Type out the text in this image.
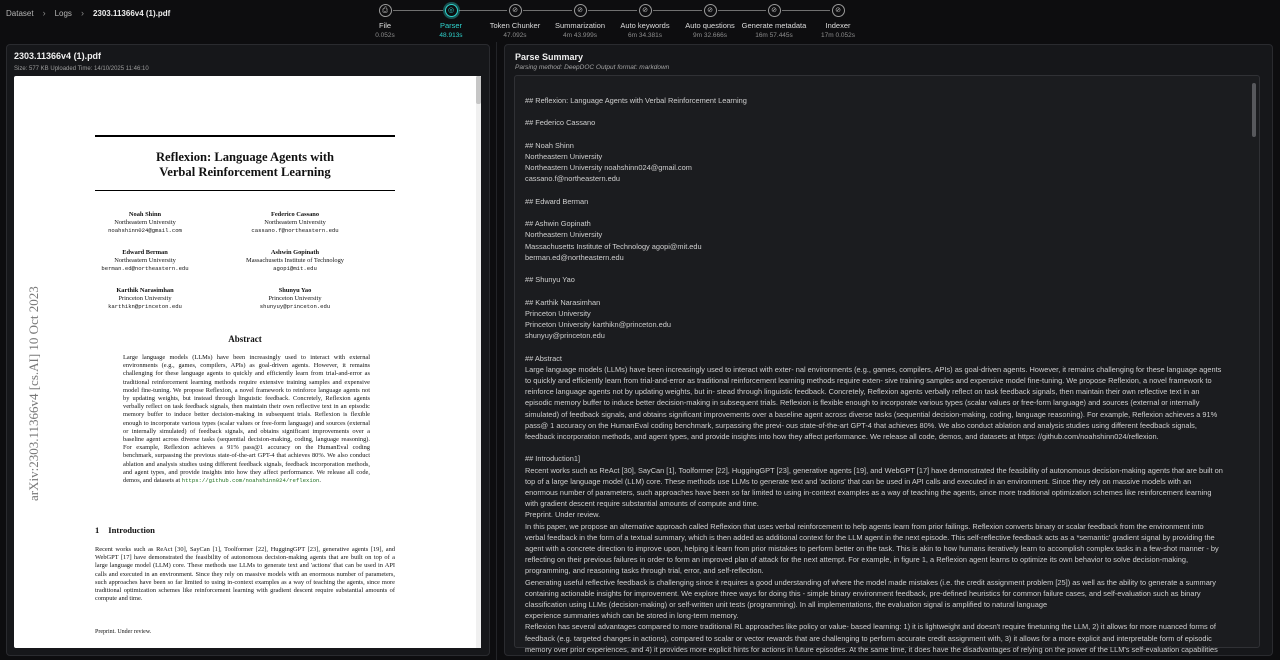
Dataset › Logs › 2303.11366v4 (1).pdf	⎙
File
0.052s
◎
Parser
48.913s
⊘
Token Chunker
47.092s
⊘
Summarization
4m 43.999s
⊘
Auto keywords
6m 34.381s
⊘
Auto questions
9m 32.666s
⊘
Generate metadata
16m 57.445s
⊘
Indexer
17m 0.052s
2303.11366v4 (1).pdf
Size: 577 KB Uploaded Time: 14/10/2025 11:46:10
Reflexion: Language Agents with
Verbal Reinforcement Learning
Noah Shinn
Northeastern University
noahshinn024@gmail.com
Federico Cassano
Northeastern University
cassano.f@northeastern.edu
Edward Berman
Northeastern University
berman.ed@northeastern.edu
Ashwin Gopinath
Massachusetts Institute of Technology
agopi@mit.edu
Karthik Narasimhan
Princeton University
karthikn@princeton.edu
Shunyu Yao
Princeton University
shunyuy@princeton.edu
arXiv:2303.11366v4 [cs.AI] 10 Oct 2023	Abstract
Large language models (LLMs) have been increasingly used to interact with external environments (e.g., games, compilers, APIs) as goal-driven agents. However, it remains challenging for these language agents to quickly and efficiently learn from trial-and-error as traditional reinforcement learning methods require extensive training samples and expensive model fine-tuning. We propose Reflexion, a novel framework to reinforce language agents not by updating weights, but instead through linguistic feedback. Concretely, Reflexion agents verbally reflect on task feedback signals, then maintain their own reflective text in an episodic memory buffer to induce better decision-making in subsequent trials. Reflexion is flexible enough to incorporate various types (scalar values or free-form language) and sources (external or internally simulated) of feedback signals, and obtains significant improvements over a baseline agent across diverse tasks (sequential decision-making, coding, language reasoning). For example, Reflexion achieves a 91% pass@1 accuracy on the HumanEval coding benchmark, surpassing the previous state-of-the-art GPT-4 that achieves 80%. We also conduct ablation and analysis studies using different feedback signals, feedback incorporation methods, and agent types, and provide insights into how they affect performance. We release all code, demos, and datasets at https://github.com/noahshinn024/reflexion.
1 Introduction
Recent works such as ReAct [30], SayCan [1], Toolformer [22], HuggingGPT [23], generative agents [19], and WebGPT [17] have demonstrated the feasibility of autonomous decision-making agents that are built on top of a large language model (LLM) core. These methods use LLMs to generate text and 'actions' that can be used in API calls and executed in an environment. Since they rely on massive models with an enormous number of parameters, such approaches have been so far limited to using in-context examples as a way of teaching the agents, since more traditional optimization schemes like reinforcement learning with gradient descent require substantial amounts of compute and time.
Preprint. Under review.
Parse Summary
Parsing method: DeepDOC Output format: markdown
## Reflexion: Language Agents with Verbal Reinforcement Learning
## Federico Cassano
## Noah Shinn
Northeastern University
Northeastern University noahshinn024@gmail.com
cassano.f@northeastern.edu
## Edward Berman
## Ashwin Gopinath
Northeastern University
Massachusetts Institute of Technology agopi@mit.edu
berman.ed@northeastern.edu
## Shunyu Yao
## Karthik Narasimhan
Princeton University
Princeton University karthikn@princeton.edu
shunyuy@princeton.edu
## Abstract
Large language models (LLMs) have been increasingly used to interact with exter- nal environments (e.g., games, compilers, APIs) as goal-driven agents. However, it remains challenging for these language agents
to quickly and efficiently learn from trial-and-error as traditional reinforcement learning methods require exten- sive training samples and expensive model fine-tuning. We propose Reflexion, a novel framework to
reinforce language agents not by updating weights, but in- stead through linguistic feedback. Concretely, Reflexion agents verbally reflect on task feedback signals, then maintain their own reflective text in an
episodic memory buffer to induce better decision-making in subsequent trials. Reflexion is flexible enough to incorporate various types (scalar values or free-form language) and sources (external or internally
simulated) of feedback signals, and obtains significant improvements over a baseline agent across diverse tasks (sequential decision-making, coding, language reasoning). For example, Reflexion achieves a 91%
pass@ 1 accuracy on the HumanEval coding benchmark, surpassing the previ- ous state-of-the-art GPT-4 that achieves 80%. We also conduct ablation and analysis studies using different feedback signals,
feedback incorporation methods, and agent types, and provide insights into how they affect performance. We release all code, demos, and datasets at https: //github.com/noahshinn024/reflexion.
## Introduction1]
Recent works such as ReAct [30], SayCan [1], Toolformer [22], HuggingGPT [23], generative agents [19], and WebGPT [17] have demonstrated the feasibility of autonomous decision-making agents that are built on
top of a large language model (LLM) core. These methods use LLMs to generate text and 'actions' that can be used in API calls and executed in an environment. Since they rely on massive models with an
enormous number of parameters, such approaches have been so far limited to using in-context examples as a way of teaching the agents, since more traditional optimization schemes like reinforcement learning
with gradient descent require substantial amounts of compute and time.
Preprint. Under review.
In this paper, we propose an alternative approach called Reflexion that uses verbal reinforcement to help agents learn from prior failings. Reflexion converts binary or scalar feedback from the environment into
verbal feedback in the form of a textual summary, which is then added as additional context for the LLM agent in the next episode. This self-reflective feedback acts as a *semantic' gradient signal by providing the
agent with a concrete direction to improve upon, helping it learn from prior mistakes to perform better on the task. This is akin to how humans iteratively learn to accomplish complex tasks in a few-shot manner - by
reflecting on their previous failures in order to form an improved plan of attack for the next attempt. For example, in figure 1, a Reflexion agent learns to optimize its own behavior to solve decision-making,
programming, and reasoning tasks through trial, error, and self-reflection.
Generating useful reflective feedback is challenging since it requires a good understanding of where the model made mistakes (i.e. the credit assignment problem [25]) as well as the ability to generate a summary
containing actionable insights for improvement. We explore three ways for doing this - simple binary environment feedback, pre-defined heuristics for common failure cases, and self-evaluation such as binary
classification using LLMs (decision-making) or self-written unit tests (programming). In all implementations, the evaluation signal is amplified to natural language
experience summaries which can be stored in long-term memory.
Reflexion has several advantages compared to more traditional RL approaches like policy or value- based learning: 1) it is lightweight and doesn't require finetuning the LLM, 2) it allows for more nuanced forms of
feedback (e.g. targeted changes in actions), compared to scalar or vector rewards that are challenging to perform accurate credit assignment with, 3) it allows for a more explicit and interpretable form of episodic
memory over prior experiences, and 4) it provides more explicit hints for actions in future episodes. At the same time, it does have the disadvantages of relying on the power of the LLM's self-evaluation capabilities
